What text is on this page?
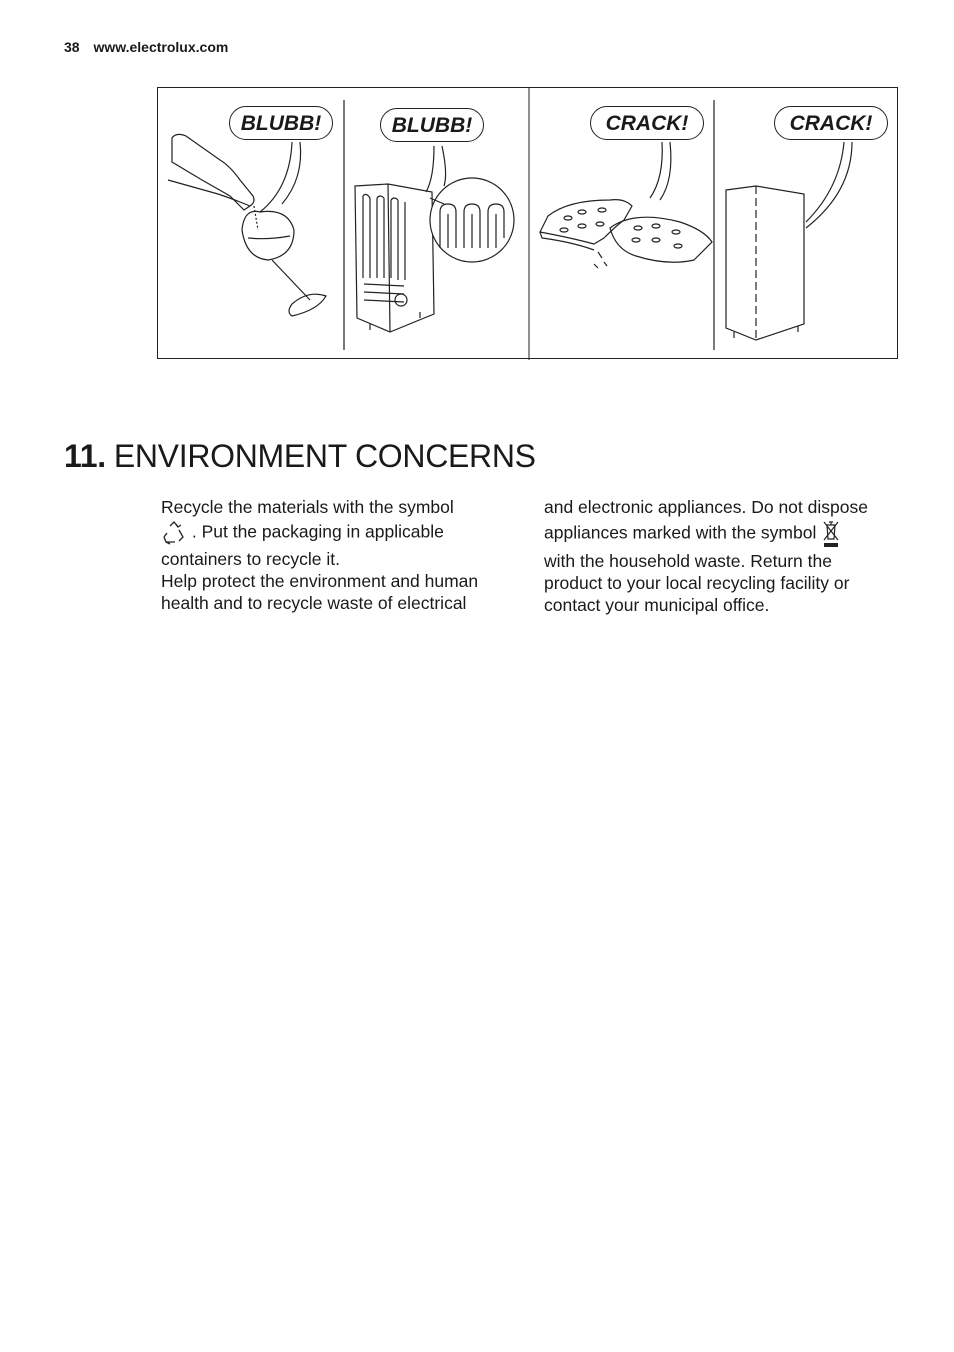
38 www.electrolux.com
BLUBB!	BLUBB!	CRACK!	CRACK!
11. ENVIRONMENT CONCERNS

Recycle the materials with the symbol

. Put the packaging in applicable

containers to recycle it.

Help protect the environment and human

health and to recycle waste of electrical

and electronic appliances. Do not dispose

appliances marked with the symbol

with the household waste. Return the

product to your local recycling facility or

contact your municipal office.
